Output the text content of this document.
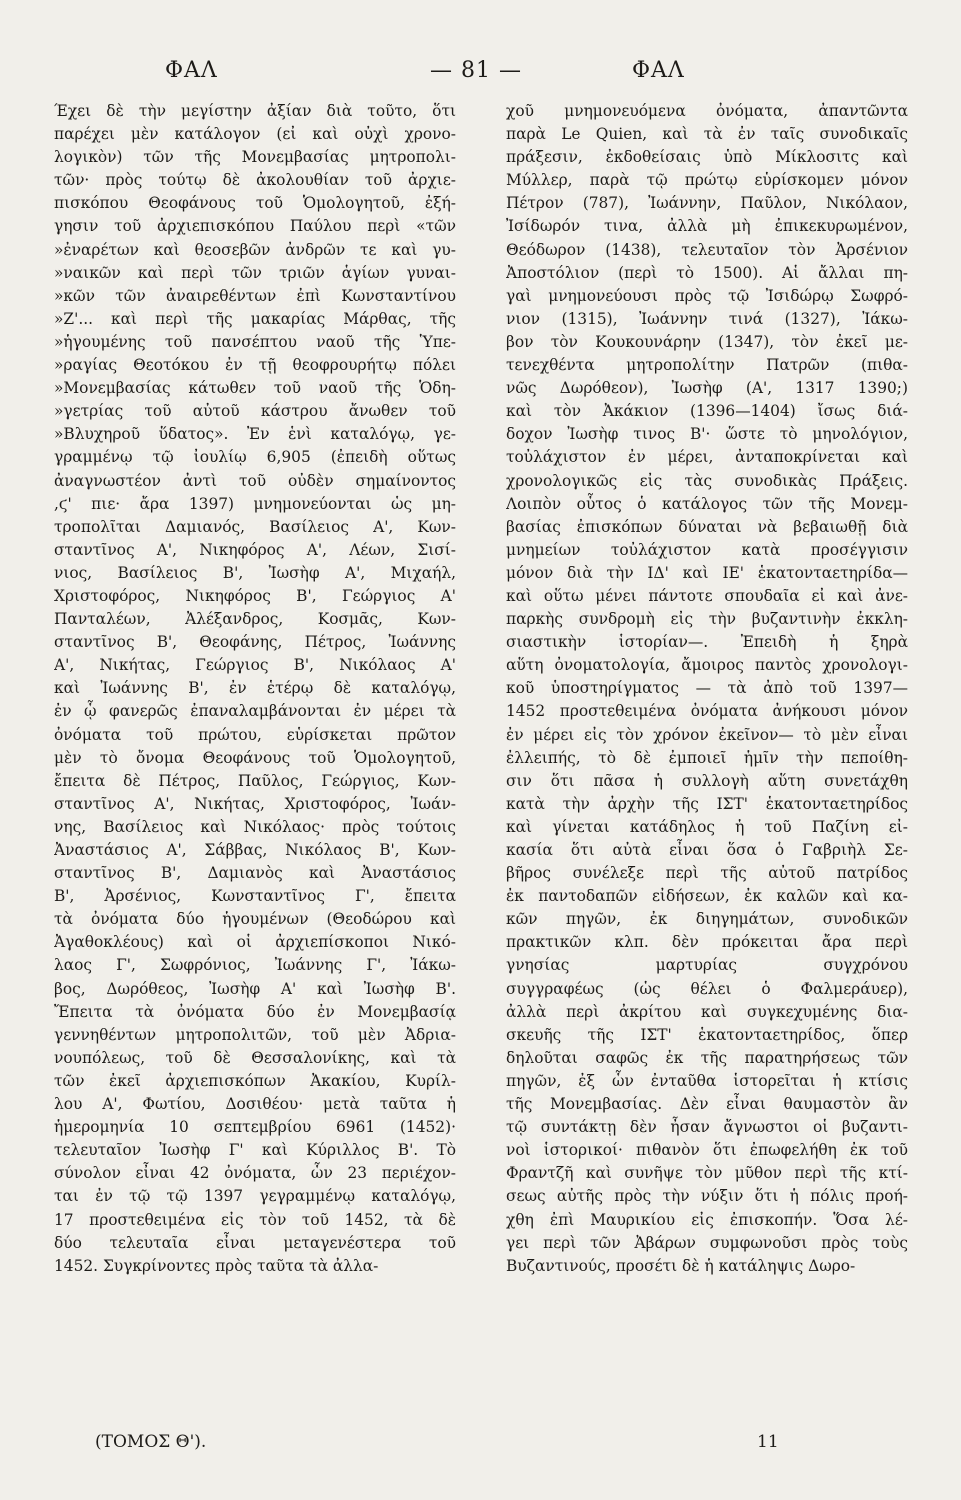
ΦΑΛ	— 81 —	ΦΑΛ
Έχει δὲ τὴν μεγίστην ἀξίαν διὰ τοῦτο, ὅτι
παρέχει μὲν κατάλογον (εἰ καὶ οὐχὶ χρονο-
λογικὸν) τῶν τῆς Μονεμβασίας μητροπολι-
τῶν· πρὸς τούτῳ δὲ ἀκολουθίαν τοῦ ἀρχιε-
πισκόπου Θεοφάνους τοῦ Ὁμολογητοῦ, ἐξή-
γησιν τοῦ ἀρχιεπισκόπου Παύλου περὶ «τῶν
»ἐναρέτων καὶ θεοσεβῶν ἀνδρῶν τε καὶ γυ-
»ναικῶν καὶ περὶ τῶν τριῶν ἁγίων γυναι-
»κῶν τῶν ἀναιρεθέντων ἐπὶ Κωνσταντίνου
»Ζ'... καὶ περὶ τῆς μακαρίας Μάρθας, τῆς
»ἡγουμένης τοῦ πανσέπτου ναοῦ τῆς Ὑπε-
»ραγίας Θεοτόκου ἐν τῇ θεοφρουρήτῳ πόλει
»Μονεμβασίας κάτωθεν τοῦ ναοῦ τῆς Ὁδη-
»γετρίας τοῦ αὐτοῦ κάστρου ἄνωθεν τοῦ
»Βλυχηροῦ ὕδατος». Ἐν ἑνὶ καταλόγῳ, γε-
γραμμένῳ τῷ ἰουλίῳ 6,905 (ἐπειδὴ οὕτως
ἀναγνωστέον ἀντὶ τοῦ οὐδὲν σημαίνοντος
,ϛ' πιε· ἄρα 1397) μνημονεύονται ὡς μη-
τροπολῖται Δαμιανός, Βασίλειος Α', Κων-
σταντῖνος Α', Νικηφόρος Α', Λέων, Σισί-
νιος, Βασίλειος Β', Ἰωσὴφ Α', Μιχαήλ,
Χριστοφόρος, Νικηφόρος Β', Γεώργιος Α'
Πανταλέων, Ἀλέξανδρος, Κοσμᾶς, Κων-
σταντῖνος Β', Θεοφάνης, Πέτρος, Ἰωάννης
Α', Νικήτας, Γεώργιος Β', Νικόλαος Α'
καὶ Ἰωάννης Β', ἐν ἑτέρῳ δὲ καταλόγῳ,
ἐν ᾧ φανερῶς ἐπαναλαμβάνονται ἐν μέρει τὰ
ὀνόματα τοῦ πρώτου, εὑρίσκεται πρῶτον
μὲν τὸ ὄνομα Θεοφάνους τοῦ Ὁμολογητοῦ,
ἔπειτα δὲ Πέτρος, Παῦλος, Γεώργιος, Κων-
σταντῖνος Α', Νικήτας, Χριστοφόρος, Ἰωάν-
νης, Βασίλειος καὶ Νικόλαος· πρὸς τούτοις
Ἀναστάσιος Α', Σάββας, Νικόλαος Β', Κων-
σταντῖνος Β', Δαμιανὸς καὶ Ἀναστάσιος
Β', Ἀρσένιος, Κωνσταντῖνος Γ', ἔπειτα
τὰ ὀνόματα δύο ἡγουμένων (Θεοδώρου καὶ
Ἀγαθοκλέους) καὶ οἱ ἀρχιεπίσκοποι Νικό-
λαος Γ', Σωφρόνιος, Ἰωάννης Γ', Ἰάκω-
βος, Δωρόθεος, Ἰωσὴφ Α' καὶ Ἰωσὴφ Β'.
Ἔπειτα τὰ ὀνόματα δύο ἐν Μονεμβασίᾳ
γεννηθέντων μητροπολιτῶν, τοῦ μὲν Ἀδρια-
νουπόλεως, τοῦ δὲ Θεσσαλονίκης, καὶ τὰ
τῶν ἐκεῖ ἀρχιεπισκόπων Ἀκακίου, Κυρίλ-
λου Α', Φωτίου, Δοσιθέου· μετὰ ταῦτα ἡ
ἡμερομηνία 10 σεπτεμβρίου 6961 (1452)·
τελευταῖον Ἰωσὴφ Γ' καὶ Κύριλλος Β'. Τὸ
σύνολον εἶναι 42 ὀνόματα, ὧν 23 περιέχον-
ται ἐν τῷ τῷ 1397 γεγραμμένῳ καταλόγῳ,
17 προστεθειμένα εἰς τὸν τοῦ 1452, τὰ δὲ
δύο τελευταῖα εἶναι μεταγενέστερα τοῦ
1452. Συγκρίνοντες πρὸς ταῦτα τὰ ἀλλα-
χοῦ μνημονευόμενα ὀνόματα, ἀπαντῶντα
παρὰ Le Quien, καὶ τὰ ἐν ταῖς συνοδικαῖς
πράξεσιν, ἐκδοθείσαις ὑπὸ Μίκλοσιτς καὶ
Μύλλερ, παρὰ τῷ πρώτῳ εὑρίσκομεν μόνον
Πέτρον (787), Ἰωάννην, Παῦλον, Νικόλαον,
Ἰσίδωρόν τινα, ἀλλὰ μὴ ἐπικεκυρωμένον,
Θεόδωρον (1438), τελευταῖον τὸν Ἀρσένιον
Ἀποστόλιον (περὶ τὸ 1500). Αἱ ἄλλαι πη-
γαὶ μνημονεύουσι πρὸς τῷ Ἰσιδώρῳ Σωφρό-
νιον (1315), Ἰωάννην τινά (1327), Ἰάκω-
βον τὸν Κουκουνάρην (1347), τὸν ἐκεῖ με-
τενεχθέντα μητροπολίτην Πατρῶν (πιθα-
νῶς Δωρόθεον), Ἰωσὴφ (Α', 1317 1390;)
καὶ τὸν Ἀκάκιον (1396—1404) ἴσως διά-
δοχον Ἰωσὴφ τινος Β'· ὥστε τὸ μηνολόγιον,
τοὐλάχιστον ἐν μέρει, ἀνταποκρίνεται καὶ
χρονολογικῶς εἰς τὰς συνοδικὰς Πράξεις.
Λοιπὸν οὗτος ὁ κατάλογος τῶν τῆς Μονεμ-
βασίας ἐπισκόπων δύναται νὰ βεβαιωθῇ διὰ
μνημείων τοὐλάχιστον κατὰ προσέγγισιν
μόνον διὰ τὴν ΙΔ' καὶ ΙΕ' ἑκατονταετηρίδα—
καὶ οὕτω μένει πάντοτε σπουδαῖα εἰ καὶ ἀνε-
παρκὴς συνδρομὴ εἰς τὴν βυζαντινὴν ἐκκλη-
σιαστικὴν ἱστορίαν—. Ἐπειδὴ ἡ ξηρὰ
αὕτη ὀνοματολογία, ἄμοιρος παντὸς χρονολογι-
κοῦ ὑποστηρίγματος — τὰ ἀπὸ τοῦ 1397—
1452 προστεθειμένα ὀνόματα ἀνήκουσι μόνον
ἐν μέρει εἰς τὸν χρόνον ἐκεῖνον— τὸ μὲν εἶναι
ἐλλειπής, τὸ δὲ ἐμποιεῖ ἡμῖν τὴν πεποίθη-
σιν ὅτι πᾶσα ἡ συλλογὴ αὕτη συνετάχθη
κατὰ τὴν ἀρχὴν τῆς ΙΣΤ' ἑκατονταετηρίδος
καὶ γίνεται κατάδηλος ἡ τοῦ Παζίνη εἰ-
κασία ὅτι αὐτὰ εἶναι ὅσα ὁ Γαβριὴλ Σε-
βῆρος συνέλεξε περὶ τῆς αὐτοῦ πατρίδος
ἐκ παντοδαπῶν εἰδήσεων, ἐκ καλῶν καὶ κα-
κῶν πηγῶν, ἐκ διηγημάτων, συνοδικῶν
πρακτικῶν κλπ. δὲν πρόκειται ἄρα περὶ
γνησίας μαρτυρίας συγχρόνου
συγγραφέως (ὡς θέλει ὁ Φαλμεράυερ),
ἀλλὰ περὶ ἀκρίτου καὶ συγκεχυμένης δια-
σκευῆς τῆς ΙΣΤ' ἑκατονταετηρίδος, ὅπερ
δηλοῦται σαφῶς ἐκ τῆς παρατηρήσεως τῶν
πηγῶν, ἐξ ὧν ἐνταῦθα ἱστορεῖται ἡ κτίσις
τῆς Μονεμβασίας. Δὲν εἶναι θαυμαστὸν ἂν
τῷ συντάκτῃ δὲν ἦσαν ἄγνωστοι οἱ βυζαντι-
νοὶ ἱστορικοί· πιθανὸν ὅτι ἐπωφελήθη ἐκ τοῦ
Φραντζῆ καὶ συνῆψε τὸν μῦθον περὶ τῆς κτί-
σεως αὐτῆς πρὸς τὴν νύξιν ὅτι ἡ πόλις προή-
χθη ἐπὶ Μαυρικίου εἰς ἐπισκοπήν. Ὅσα λέ-
γει περὶ τῶν Ἀβάρων συμφωνοῦσι πρὸς τοὺς
Βυζαντινούς, προσέτι δὲ ἡ κατάληψις Δωρο-
(ΤΟΜΟΣ Θ').	11
